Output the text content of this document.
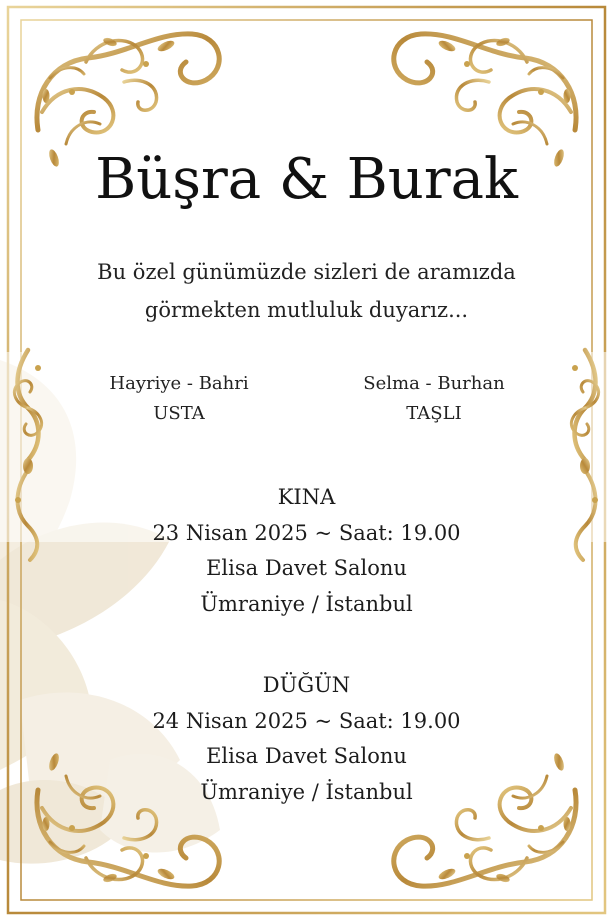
Büşra & Burak
Bu özel günümüzde sizleri de aramızda
görmekten mutluluk duyarız...
Hayriye - Bahri
USTA
Selma - Burhan
TAŞLI
KINA
23 Nisan 2025 ~ Saat: 19.00
Elisa Davet Salonu
Ümraniye / İstanbul
DÜĞÜN
24 Nisan 2025 ~ Saat: 19.00
Elisa Davet Salonu
Ümraniye / İstanbul
